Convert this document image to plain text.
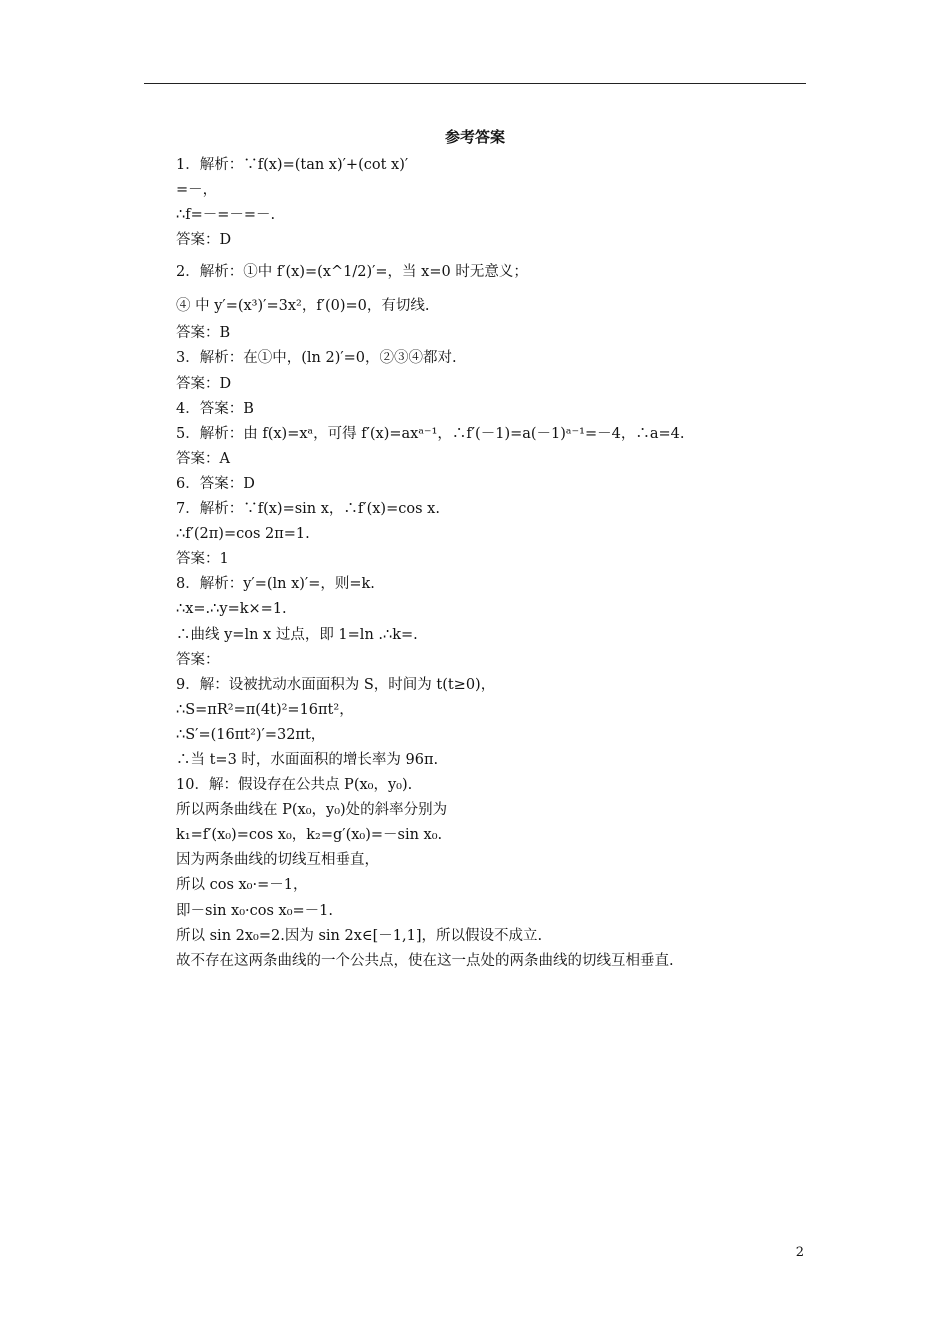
参考答案
1．解析：∵f(x)=(tan x)′+(cot x)′
=－，
∴f=－=－=－.
答案：D
2．解析：①中 f′(x)=(x^1/2)′=，当 x=0 时无意义；
④ 中 y′=(x³)′=3x²，f′(0)=0，有切线.
答案：B
3．解析：在①中，(ln 2)′=0，②③④都对.
答案：D
4．答案：B
5．解析：由 f(x)=xᵃ，可得 f′(x)=axᵃ⁻¹，∴f′(－1)=a(－1)ᵃ⁻¹=－4，∴a=4.
答案：A
6．答案：D
7．解析：∵f(x)=sin x，∴f′(x)=cos x.
∴f′(2π)=cos 2π=1.
答案：1
8．解析：y′=(ln x)′=，则=k.
∴x=.∴y=k×=1.
∴曲线 y=ln x 过点，即 1=ln .∴k=.
答案：
9．解：设被扰动水面面积为 S，时间为 t(t≥0)，
∴S=πR²=π(4t)²=16πt²，
∴S′=(16πt²)′=32πt，
∴当 t=3 时，水面面积的增长率为 96π.
10．解：假设存在公共点 P(x₀，y₀).
所以两条曲线在 P(x₀，y₀)处的斜率分别为
k₁=f′(x₀)=cos x₀，k₂=g′(x₀)=－sin x₀.
因为两条曲线的切线互相垂直，
所以 cos x₀·=－1，
即－sin x₀·cos x₀=－1.
所以 sin 2x₀=2.因为 sin 2x∈[－1,1]，所以假设不成立.
故不存在这两条曲线的一个公共点，使在这一点处的两条曲线的切线互相垂直.
2
